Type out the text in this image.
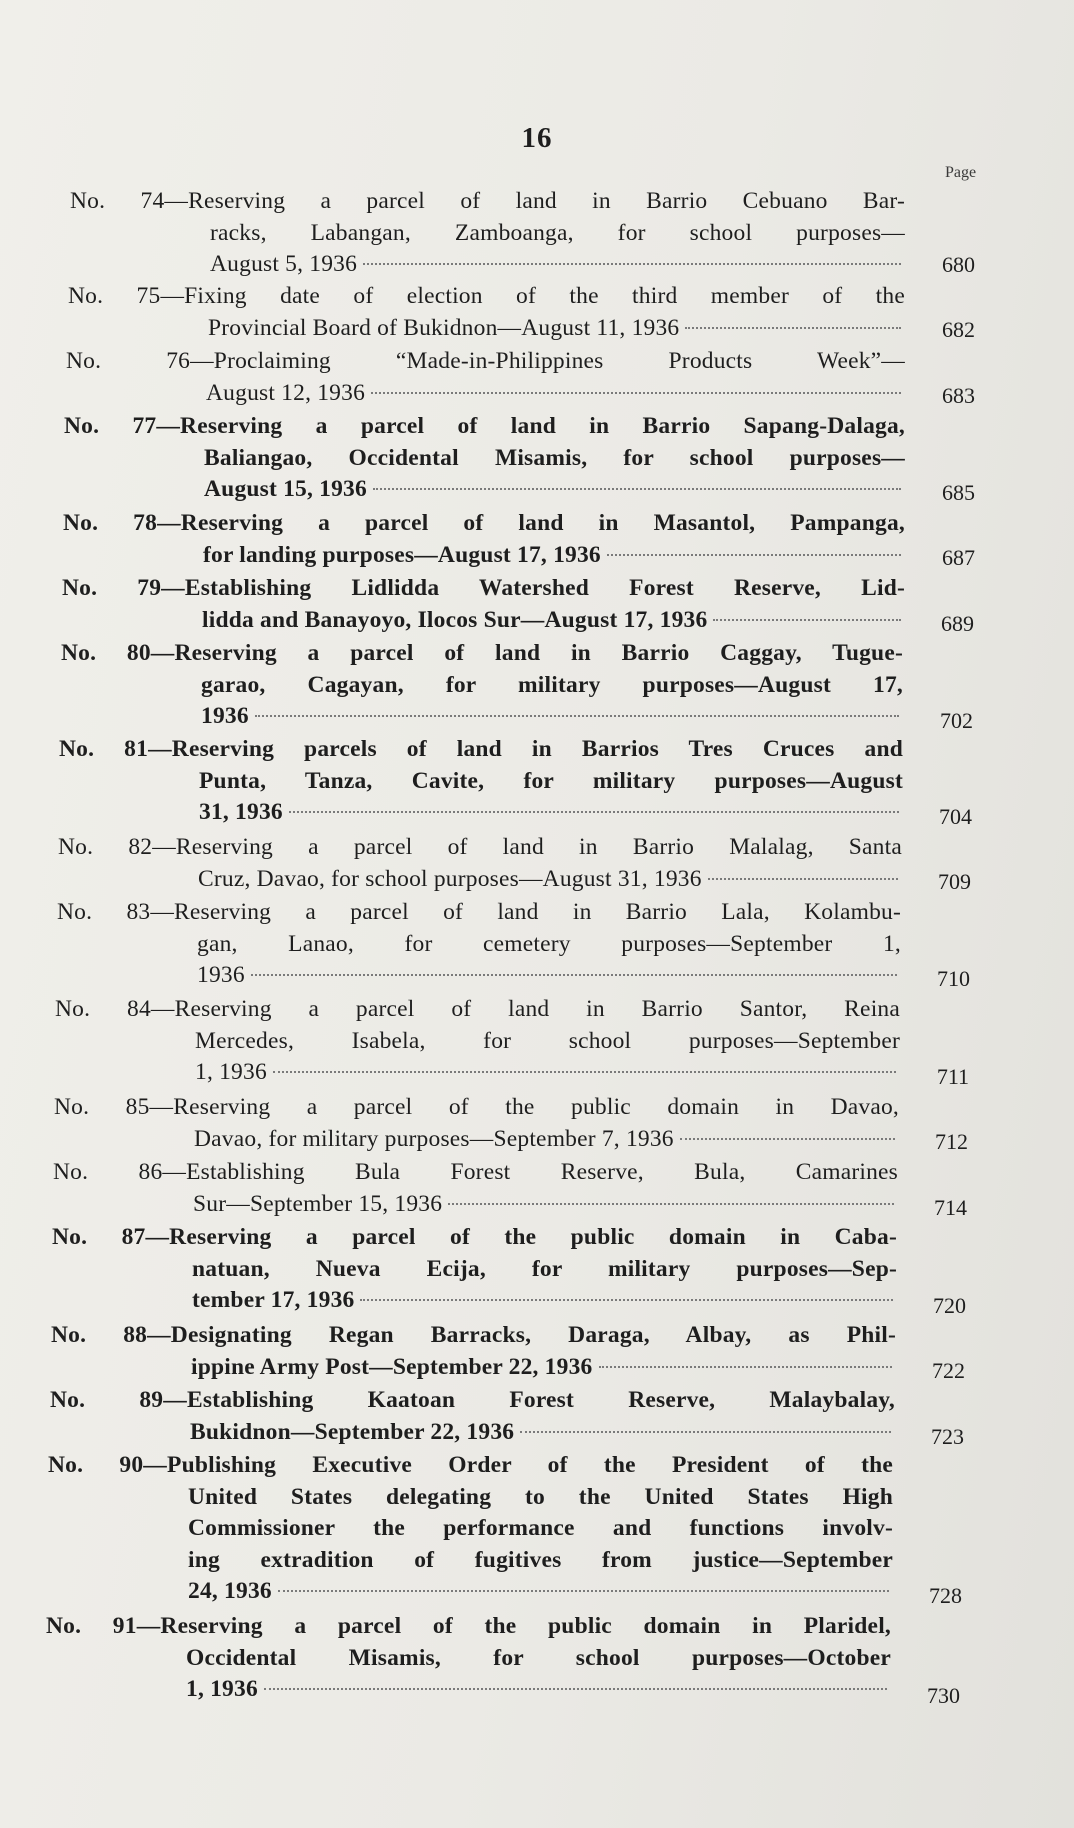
16
Page
No. 74—Reserving a parcel of land in Barrio Cebuano Bar-
racks, Labangan, Zamboanga, for school purposes—
August 5, 1936	680
No. 75—Fixing date of election of the third member of the
Provincial Board of Bukidnon—August 11, 1936	682
No. 76—Proclaiming “Made-in-Philippines Products Week”—
August 12, 1936	683
No. 77—Reserving a parcel of land in Barrio Sapang-Dalaga,
Baliangao, Occidental Misamis, for school purposes—
August 15, 1936	685
No. 78—Reserving a parcel of land in Masantol, Pampanga,
for landing purposes—August 17, 1936	687
No. 79—Establishing Lidlidda Watershed Forest Reserve, Lid-
lidda and Banayoyo, Ilocos Sur—August 17, 1936	689
No. 80—Reserving a parcel of land in Barrio Caggay, Tugue-
garao, Cagayan, for military purposes—August 17,
1936	702
No. 81—Reserving parcels of land in Barrios Tres Cruces and
Punta, Tanza, Cavite, for military purposes—August
31, 1936	704
No. 82—Reserving a parcel of land in Barrio Malalag, Santa
Cruz, Davao, for school purposes—August 31, 1936	709
No. 83—Reserving a parcel of land in Barrio Lala, Kolambu-
gan, Lanao, for cemetery purposes—September 1,
1936	710
No. 84—Reserving a parcel of land in Barrio Santor, Reina
Mercedes, Isabela, for school purposes—September
1, 1936	711
No. 85—Reserving a parcel of the public domain in Davao,
Davao, for military purposes—September 7, 1936	712
No. 86—Establishing Bula Forest Reserve, Bula, Camarines
Sur—September 15, 1936	714
No. 87—Reserving a parcel of the public domain in Caba-
natuan, Nueva Ecija, for military purposes—Sep-
tember 17, 1936	720
No. 88—Designating Regan Barracks, Daraga, Albay, as Phil-
ippine Army Post—September 22, 1936	722
No. 89—Establishing Kaatoan Forest Reserve, Malaybalay,
Bukidnon—September 22, 1936	723
No. 90—Publishing Executive Order of the President of the
United States delegating to the United States High
Commissioner the performance and functions involv-
ing extradition of fugitives from justice—September
24, 1936	728
No. 91—Reserving a parcel of the public domain in Plaridel,
Occidental Misamis, for school purposes—October
1, 1936	730
